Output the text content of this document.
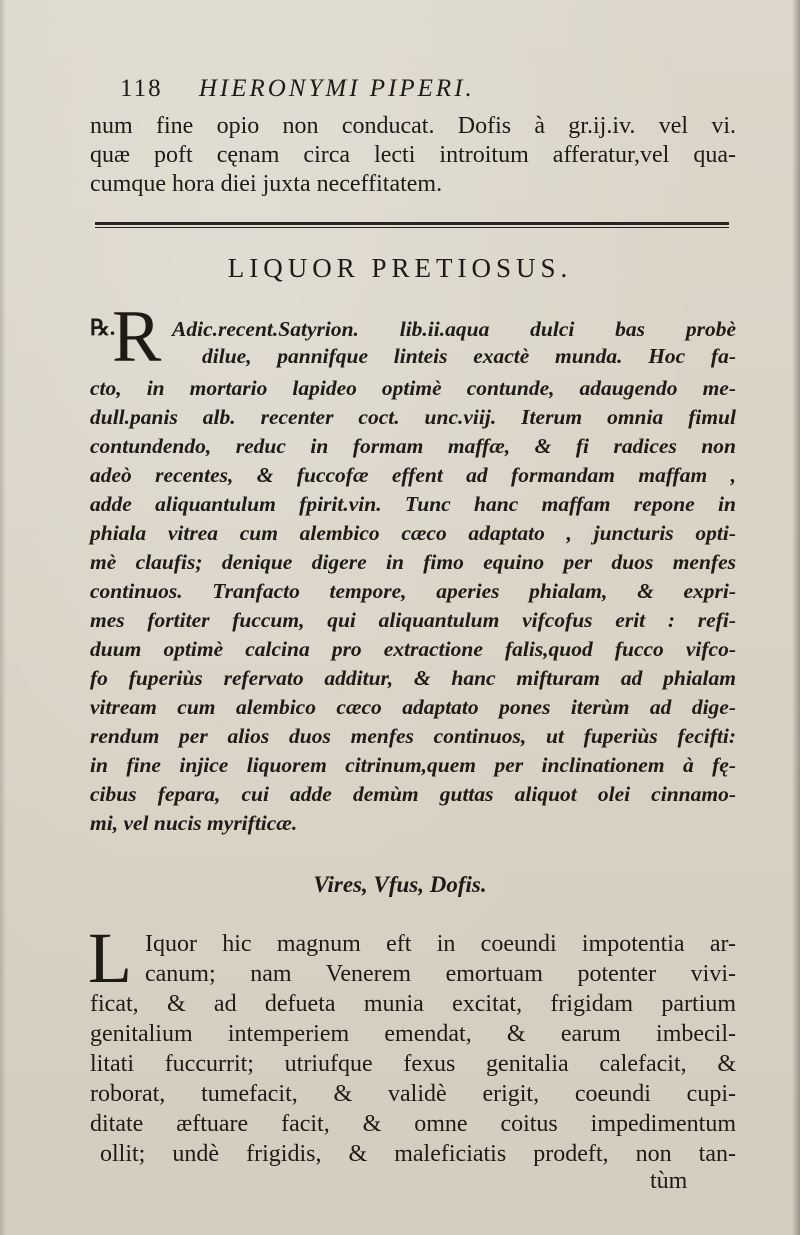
118 HIERONYMI PIPERI.
num fine opio non conducat. Dofis à gr.ij.iv. vel vi.
quæ poft cęnam circa lecti introitum afferatur,vel qua-
cumque hora diei juxta neceffitatem.
LIQUOR PRETIOSUS.
℞.
R Adic.recent.Satyrion. lib.ii.aqua dulci bas probè
dilue, pannifque linteis exactè munda. Hoc fa-
cto, in mortario lapideo optimè contunde, adaugendo me-
dull.panis alb. recenter coct. unc.viij. Iterum omnia fimul
contundendo, reduc in formam maffæ, & fi radices non
adeò recentes, & fuccofæ effent ad formandam maffam ,
adde aliquantulum fpirit.vin. Tunc hanc maffam repone in
phiala vitrea cum alembico cæco adaptato , juncturis opti-
mè claufis; denique digere in fimo equino per duos menfes
continuos. Tranfacto tempore, aperies phialam, & expri-
mes fortiter fuccum, qui aliquantulum vifcofus erit : refi-
duum optimè calcina pro extractione falis,quod fucco vifco-
fo fuperiùs refervato additur, & hanc mifturam ad phialam
vitream cum alembico cæco adaptato pones iterùm ad dige-
rendum per alios duos menfes continuos, ut fuperiùs fecifti:
in fine injice liquorem citrinum,quem per inclinationem à fę-
cibus fepara, cui adde demùm guttas aliquot olei cinnamo-
mi, vel nucis myrifticæ.
Vires, Vfus, Dofis.
L Iquor hic magnum eft in coeundi impotentia ar-
canum; nam Venerem emortuam potenter vivi-
ficat, & ad defueta munia excitat, frigidam partium
genitalium intemperiem emendat, & earum imbecil-
litati fuccurrit; utriufque fexus genitalia calefacit, &
roborat, tumefacit, & validè erigit, coeundi cupi-
ditate æftuare facit, & omne coitus impedimentum
ollit; undè frigidis, & maleficiatis prodeft, non tan-
tùm
